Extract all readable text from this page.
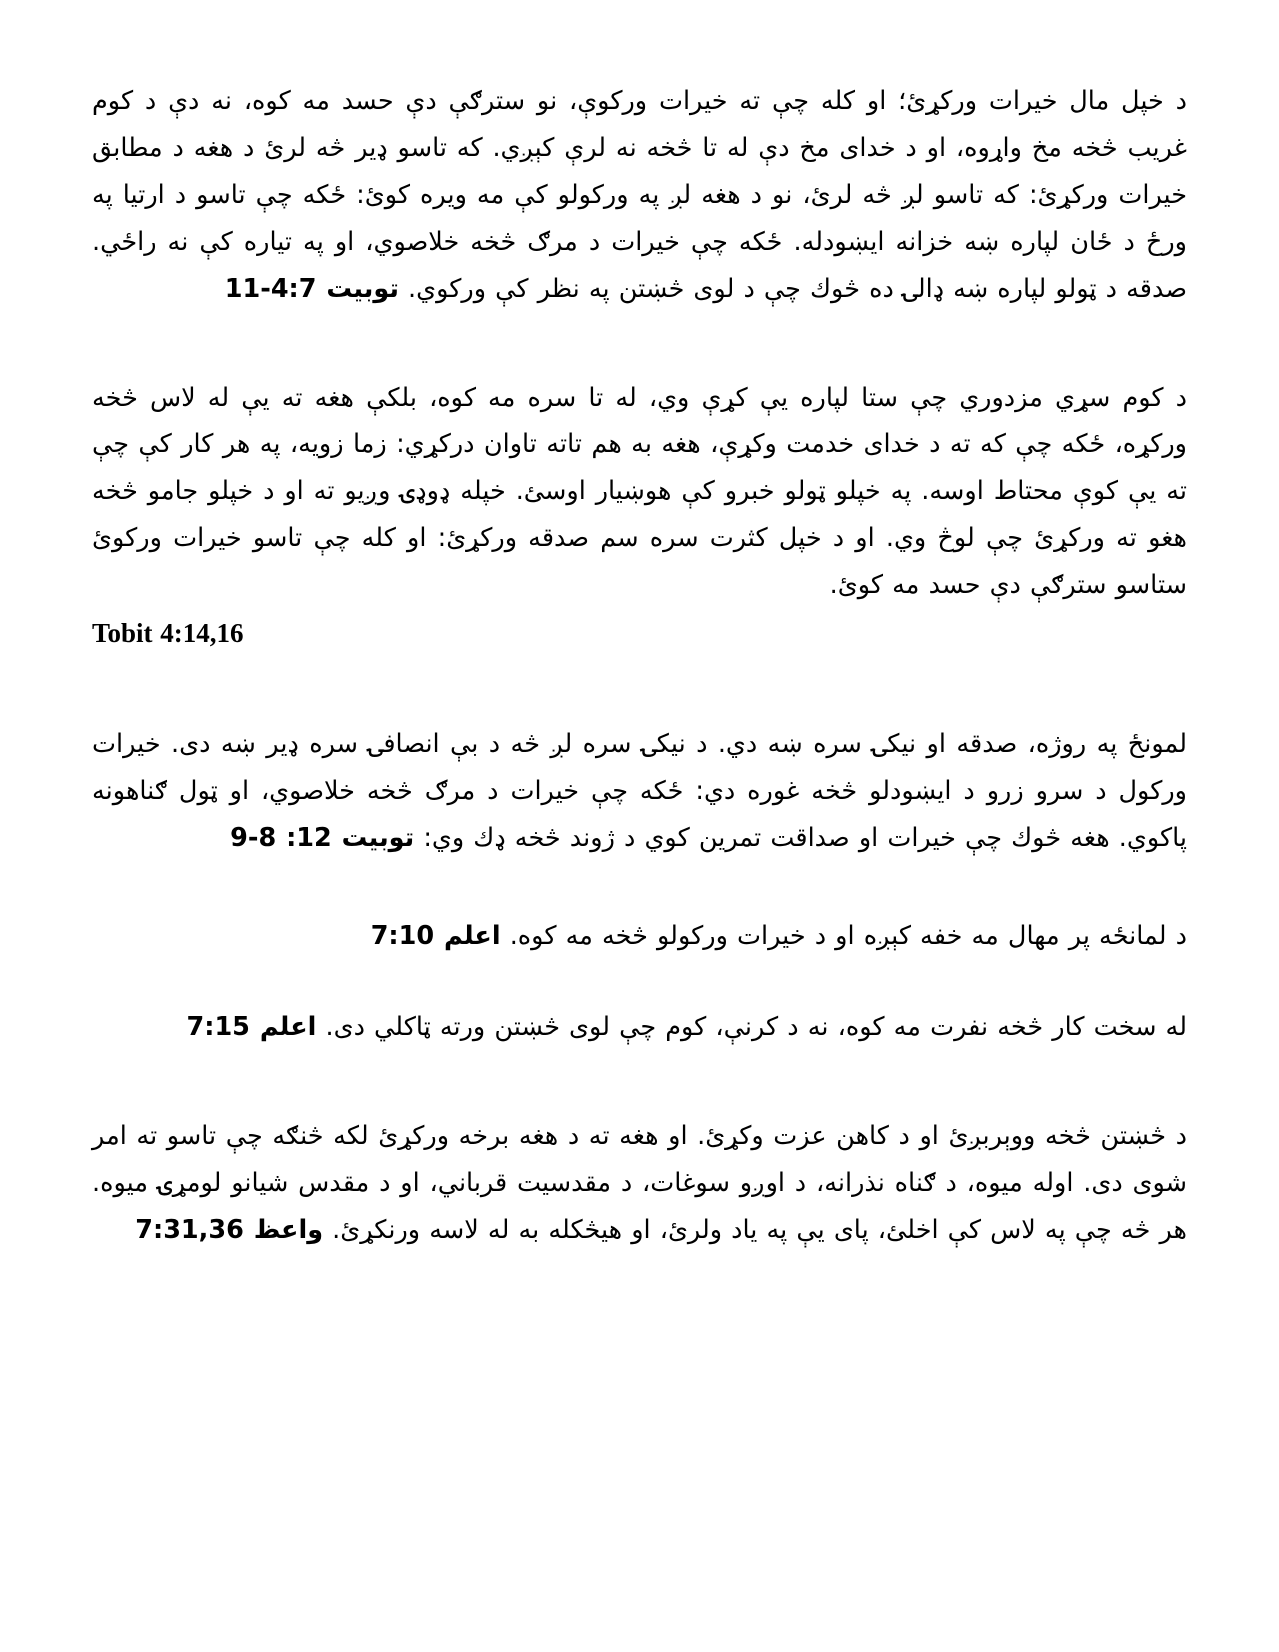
د خپل مال خيرات وركړئ؛ او كله چې ته خيرات وركوې، نو سترګې دې حسد مه كوه، نه دې د كوم غريب څخه مخ واړوه، او د خدای مخ دې له تا څخه نه لرې كېږي. كه تاسو ډير څه لرئ د هغه د مطابق خيرات وركړئ: كه تاسو لږ څه لرئ، نو د هغه لږ په وركولو كې مه ويره كوئ: ځكه چې تاسو د ارتيا په ورځ د ځان لپاره ښه خزانه ايښودله. ځكه چې خيرات د مرګ څخه خلاصوي، او په تياره كې نه راځي. صدقه د ټولو لپاره ښه ډالۍ ده څوك چې د لوی څښتن په نظر كې وركوي. توبيت 4:7-11

د كوم سړي مزدوري چې ستا لپاره يې كړې وي، له تا سره مه كوه، بلكې هغه ته يې له لاس څخه وركړه، ځكه چې كه ته د خدای خدمت وكړې، هغه به هم تاته تاوان دركړي: زما زويه، په هر كار كې چې ته يې كوې محتاط اوسه. په خپلو ټولو خبرو كې هوښيار اوسئ. خپله ډوډۍ وږيو ته او د خپلو جامو څخه هغو ته وركړئ چې لوڅ وي. او د خپل كثرت سره سم صدقه وركړئ: او كله چې تاسو خيرات وركوئ ستاسو سترګې دې حسد مه كوئ.
Tobit 4:14,16

لمونځ په روژه، صدقه او نيكۍ سره ښه دي. د نيكۍ سره لږ څه د بې انصافۍ سره ډير ښه دی. خيرات وركول د سرو زرو د ايښودلو څخه غوره دي: ځكه چې خيرات د مرګ څخه خلاصوي، او ټول ګناهونه پاكوي. هغه څوك چې خيرات او صداقت تمرين كوي د ژوند څخه ډك وي: توبيت 12: 8-9

د لمانځه پر مهال مه خفه كېږه او د خيرات وركولو څخه مه كوه. اعلم 7:10

له سخت كار څخه نفرت مه كوه، نه د كرنې، كوم چې لوی څښتن ورته ټاكلي دی. اعلم 7:15

د څښتن څخه ووېربږئ او د كاهن عزت وكړئ. او هغه ته د هغه برخه وركړئ لكه څنګه چې تاسو ته امر شوی دی. اوله ميوه، د ګناه نذرانه، د اوږو سوغات، د مقدسيت قرباني، او د مقدس شيانو لومړۍ ميوه. هر څه چې په لاس كې اخلئ، پای يې په ياد ولرئ، او هيڅكله به له لاسه ورنكړئ. واعظ 7:31,36
